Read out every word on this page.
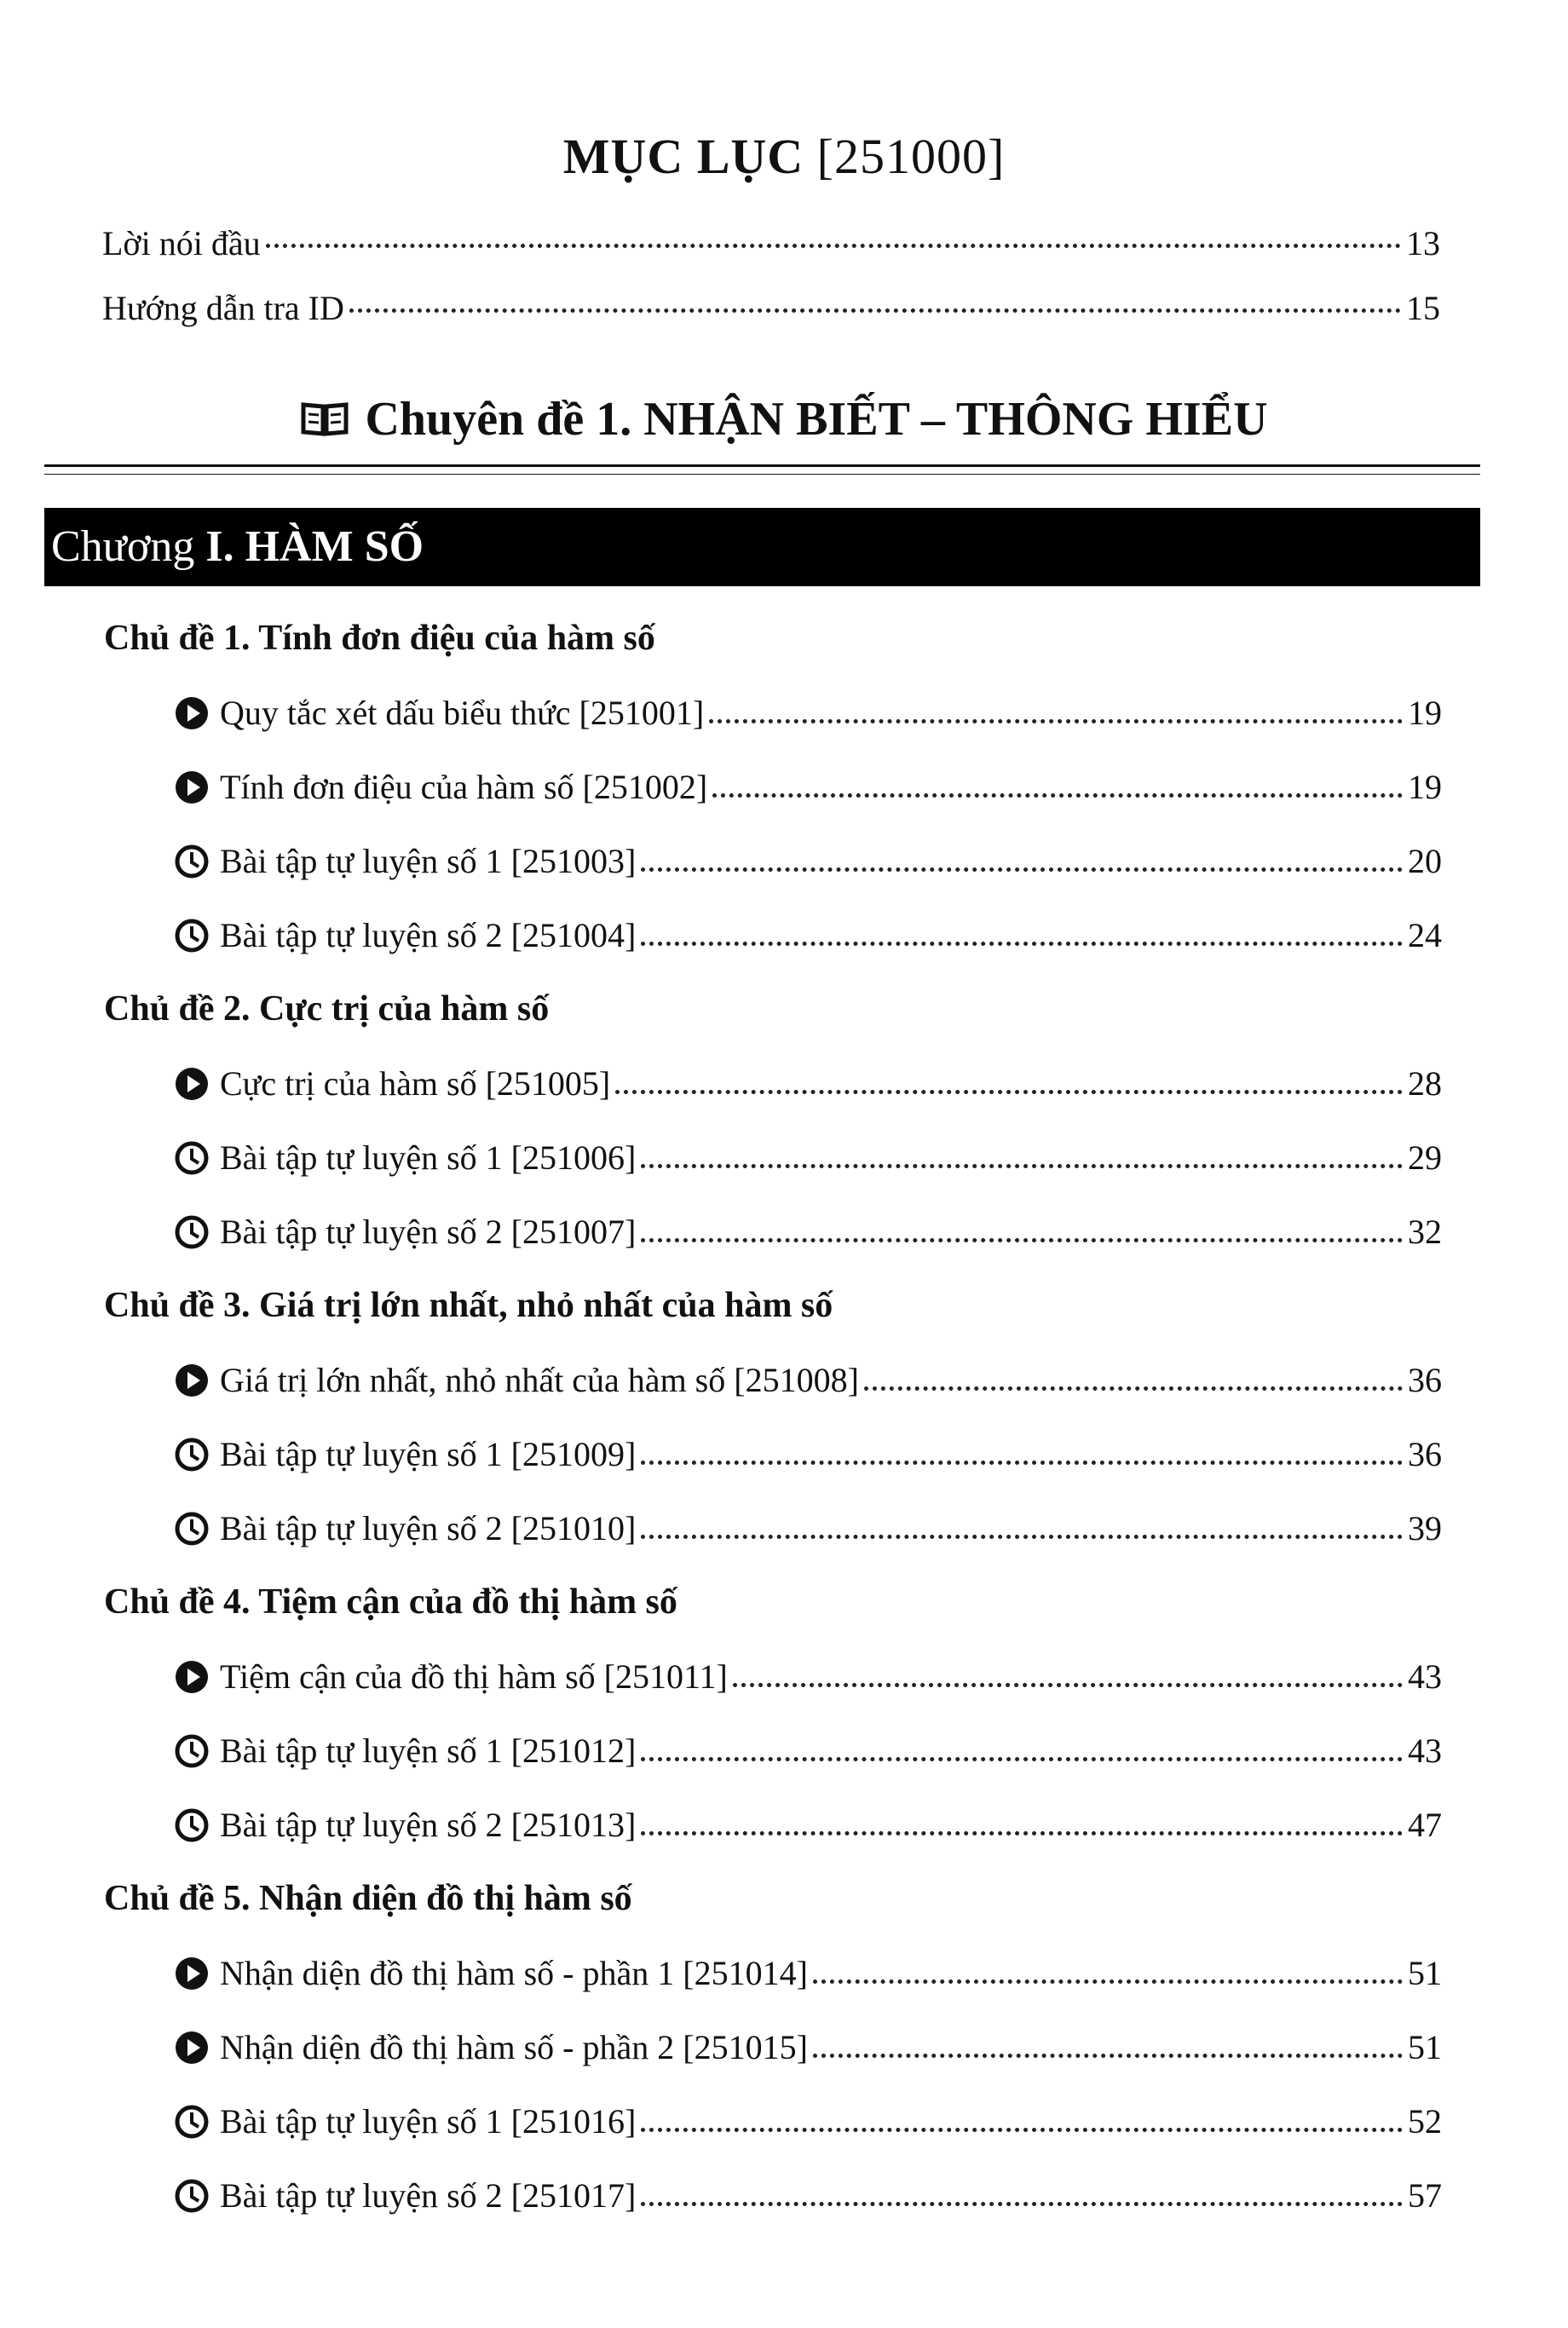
MỤC LỤC [251000]
Lời nói đầu	13
Hướng dẫn tra ID	15
Chuyên đề 1. NHẬN BIẾT – THÔNG HIỂU
Chương I. HÀM SỐ
Chủ đề 1. Tính đơn điệu của hàm số
Quy tắc xét dấu biểu thức [251001]	19
Tính đơn điệu của hàm số [251002]	19
Bài tập tự luyện số 1 [251003]	20
Bài tập tự luyện số 2 [251004]	24
Chủ đề 2. Cực trị của hàm số
Cực trị của hàm số [251005]	28
Bài tập tự luyện số 1 [251006]	29
Bài tập tự luyện số 2 [251007]	32
Chủ đề 3. Giá trị lớn nhất, nhỏ nhất của hàm số
Giá trị lớn nhất, nhỏ nhất của hàm số [251008]	36
Bài tập tự luyện số 1 [251009]	36
Bài tập tự luyện số 2 [251010]	39
Chủ đề 4. Tiệm cận của đồ thị hàm số
Tiệm cận của đồ thị hàm số [251011]	43
Bài tập tự luyện số 1 [251012]	43
Bài tập tự luyện số 2 [251013]	47
Chủ đề 5. Nhận diện đồ thị hàm số
Nhận diện đồ thị hàm số - phần 1 [251014]	51
Nhận diện đồ thị hàm số - phần 2 [251015]	51
Bài tập tự luyện số 1 [251016]	52
Bài tập tự luyện số 2 [251017]	57
